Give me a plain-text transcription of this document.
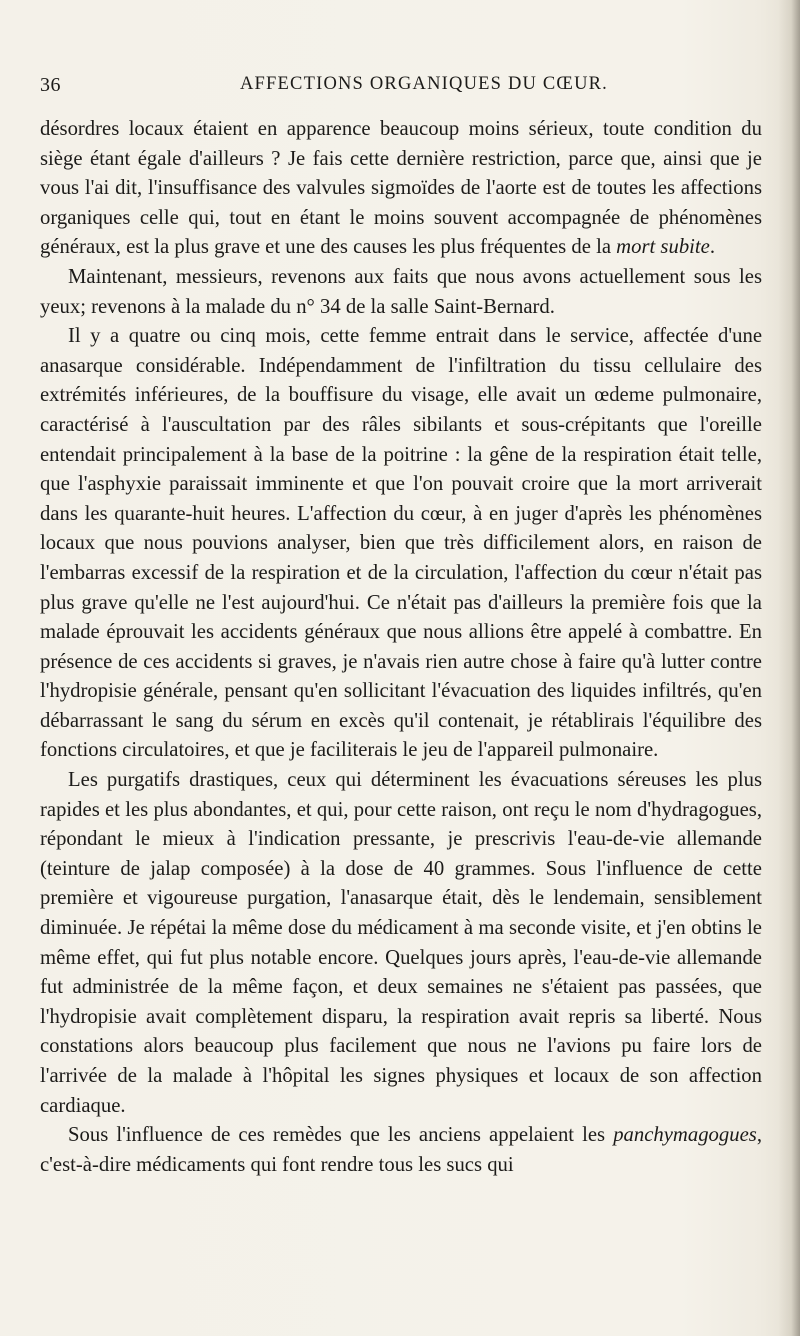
36	AFFECTIONS ORGANIQUES DU CŒUR.

désordres locaux étaient en apparence beaucoup moins sérieux, toute condition du siège étant égale d'ailleurs ? Je fais cette dernière restriction, parce que, ainsi que je vous l'ai dit, l'insuffisance des valvules sigmoïdes de l'aorte est de toutes les affections organiques celle qui, tout en étant le moins souvent accompagnée de phénomènes généraux, est la plus grave et une des causes les plus fréquentes de la mort subite.

Maintenant, messieurs, revenons aux faits que nous avons actuellement sous les yeux; revenons à la malade du n° 34 de la salle Saint-Bernard.

Il y a quatre ou cinq mois, cette femme entrait dans le service, affectée d'une anasarque considérable. Indépendamment de l'infiltration du tissu cellulaire des extrémités inférieures, de la bouffisure du visage, elle avait un œdeme pulmonaire, caractérisé à l'auscultation par des râles sibilants et sous-crépitants que l'oreille entendait principalement à la base de la poitrine : la gêne de la respiration était telle, que l'asphyxie paraissait imminente et que l'on pouvait croire que la mort arriverait dans les quarante-huit heures. L'affection du cœur, à en juger d'après les phénomènes locaux que nous pouvions analyser, bien que très difficilement alors, en raison de l'embarras excessif de la respiration et de la circulation, l'affection du cœur n'était pas plus grave qu'elle ne l'est aujourd'hui. Ce n'était pas d'ailleurs la première fois que la malade éprouvait les accidents généraux que nous allions être appelé à combattre. En présence de ces accidents si graves, je n'avais rien autre chose à faire qu'à lutter contre l'hydropisie générale, pensant qu'en sollicitant l'évacuation des liquides infiltrés, qu'en débarrassant le sang du sérum en excès qu'il contenait, je rétablirais l'équilibre des fonctions circulatoires, et que je faciliterais le jeu de l'appareil pulmonaire.

Les purgatifs drastiques, ceux qui déterminent les évacuations séreuses les plus rapides et les plus abondantes, et qui, pour cette raison, ont reçu le nom d'hydragogues, répondant le mieux à l'indication pressante, je prescrivis l'eau-de-vie allemande (teinture de jalap composée) à la dose de 40 grammes. Sous l'influence de cette première et vigoureuse purgation, l'anasarque était, dès le lendemain, sensiblement diminuée. Je répétai la même dose du médicament à ma seconde visite, et j'en obtins le même effet, qui fut plus notable encore. Quelques jours après, l'eau-de-vie allemande fut administrée de la même façon, et deux semaines ne s'étaient pas passées, que l'hydropisie avait complètement disparu, la respiration avait repris sa liberté. Nous constations alors beaucoup plus facilement que nous ne l'avions pu faire lors de l'arrivée de la malade à l'hôpital les signes physiques et locaux de son affection cardiaque.

Sous l'influence de ces remèdes que les anciens appelaient les panchymagogues, c'est-à-dire médicaments qui font rendre tous les sucs qui
